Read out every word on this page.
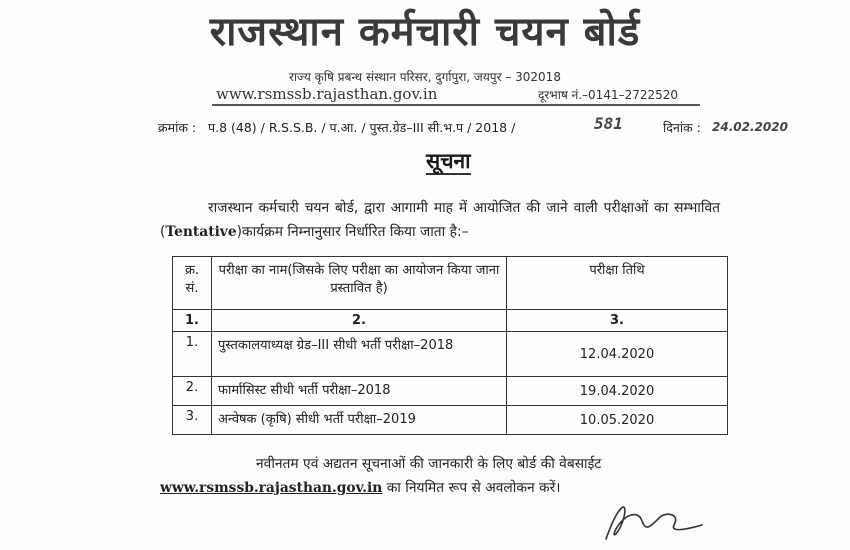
राजस्थान कर्मचारी चयन बोर्ड
राज्य कृषि प्रबन्ध संस्थान परिसर, दुर्गापुरा, जयपुर – 302018
www.rsmssb.rajasthan.gov.in	दूरभाष नं.–0141–2722520
क्रमांक : प.8 (48) / R.S.S.B. / प.आ. / पुस्त.ग्रेड–III सी.भ.प / 2018 /	581	दिनांक : 24.02.2020
सूचना
राजस्थान कर्मचारी चयन बोर्ड, द्वारा आगामी माह में आयोजित की जाने वाली परीक्षाओं का सम्भावित (Tentative)कार्यक्रम निम्नानुसार निर्धारित किया जाता है:–
क्र. सं.	परीक्षा का नाम(जिसके लिए परीक्षा का आयोजन किया जाना प्रस्तावित है)	परीक्षा तिथि
1.	2.	3.
1.	पुस्तकालयाध्यक्ष ग्रेड–III सीधी भर्ती परीक्षा–2018	12.04.2020
2.	फार्मासिस्ट सीधी भर्ती परीक्षा–2018	19.04.2020
3.	अन्वेषक (कृषि) सीधी भर्ती परीक्षा–2019	10.05.2020
नवीनतम एवं अद्यतन सूचनाओं की जानकारी के लिए बोर्ड की वेबसाईट
www.rsmssb.rajasthan.gov.in का नियमित रूप से अवलोकन करें।
